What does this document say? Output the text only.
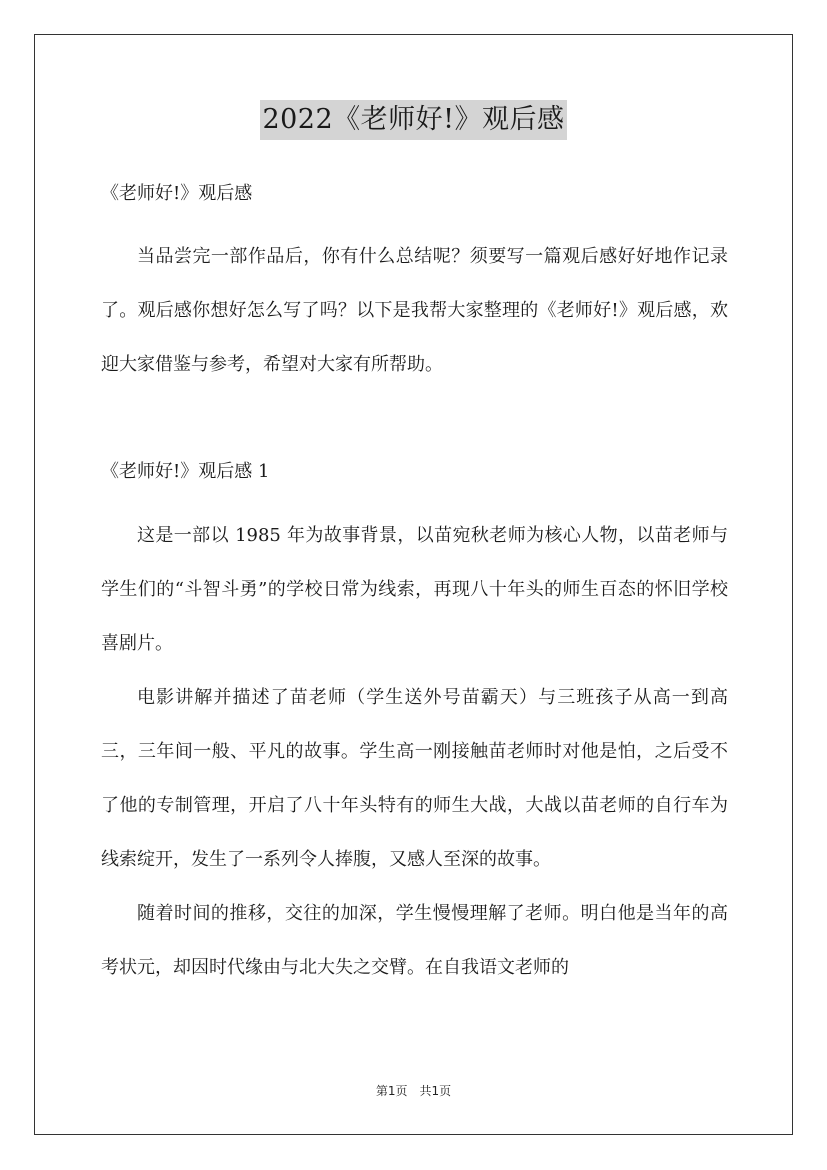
2022《老师好!》观后感

《老师好!》观后感

当品尝完一部作品后，你有什么总结呢？须要写一篇观后感好好地作记录了。观后感你想好怎么写了吗？以下是我帮大家整理的《老师好!》观后感，欢迎大家借鉴与参考，希望对大家有所帮助。

《老师好!》观后感 1

这是一部以 1985 年为故事背景，以苗宛秋老师为核心人物，以苗老师与学生们的“斗智斗勇”的学校日常为线索，再现八十年头的师生百态的怀旧学校喜剧片。

电影讲解并描述了苗老师（学生送外号苗霸天）与三班孩子从高一到高三，三年间一般、平凡的故事。学生高一刚接触苗老师时对他是怕，之后受不了他的专制管理，开启了八十年头特有的师生大战，大战以苗老师的自行车为线索绽开，发生了一系列令人捧腹，又感人至深的故事。

随着时间的推移，交往的加深，学生慢慢理解了老师。明白他是当年的高考状元，却因时代缘由与北大失之交臂。在自我语文老师的

第1页　共1页
